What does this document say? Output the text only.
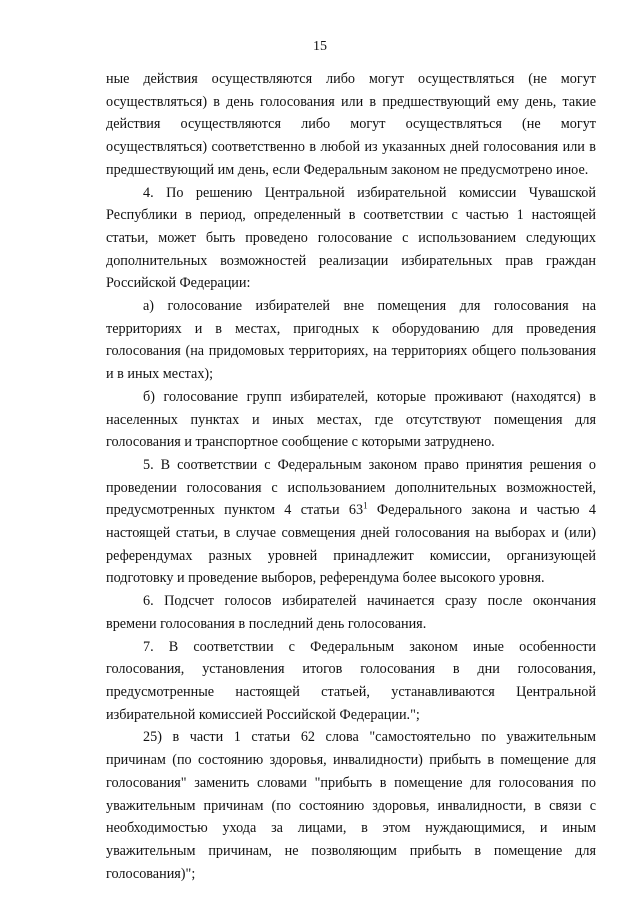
15

ные действия осуществляются либо могут осуществляться (не могут осуществляться) в день голосования или в предшествующий ему день, такие действия осуществляются либо могут осуществляться (не могут осуществляться) соответственно в любой из указанных дней голосования или в предшествующий им день, если Федеральным законом не предусмотрено иное.

4. По решению Центральной избирательной комиссии Чувашской Республики в период, определенный в соответствии с частью 1 настоящей статьи, может быть проведено голосование с использованием следующих дополнительных возможностей реализации избирательных прав граждан Российской Федерации:

а) голосование избирателей вне помещения для голосования на территориях и в местах, пригодных к оборудованию для проведения голосования (на придомовых территориях, на территориях общего пользования и в иных местах);

б) голосование групп избирателей, которые проживают (находятся) в населенных пунктах и иных местах, где отсутствуют помещения для голосования и транспортное сообщение с которыми затруднено.

5. В соответствии с Федеральным законом право принятия решения о проведении голосования с использованием дополнительных возможностей, предусмотренных пунктом 4 статьи $63^1$ Федерального закона и частью 4 настоящей статьи, в случае совмещения дней голосования на выборах и (или) референдумах разных уровней принадлежит комиссии, организующей подготовку и проведение выборов, референдума более высокого уровня.

6. Подсчет голосов избирателей начинается сразу после окончания времени голосования в последний день голосования.

7. В соответствии с Федеральным законом иные особенности голосования, установления итогов голосования в дни голосования, предусмотренные настоящей статьей, устанавливаются Центральной избирательной комиссией Российской Федерации.";

25) в части 1 статьи 62 слова "самостоятельно по уважительным причинам (по состоянию здоровья, инвалидности) прибыть в помещение для голосования" заменить словами "прибыть в помещение для голосования по уважительным причинам (по состоянию здоровья, инвалидности, в связи с необходимостью ухода за лицами, в этом нуждающимися, и иным уважительным причинам, не позволяющим прибыть в помещение для голосования)";
